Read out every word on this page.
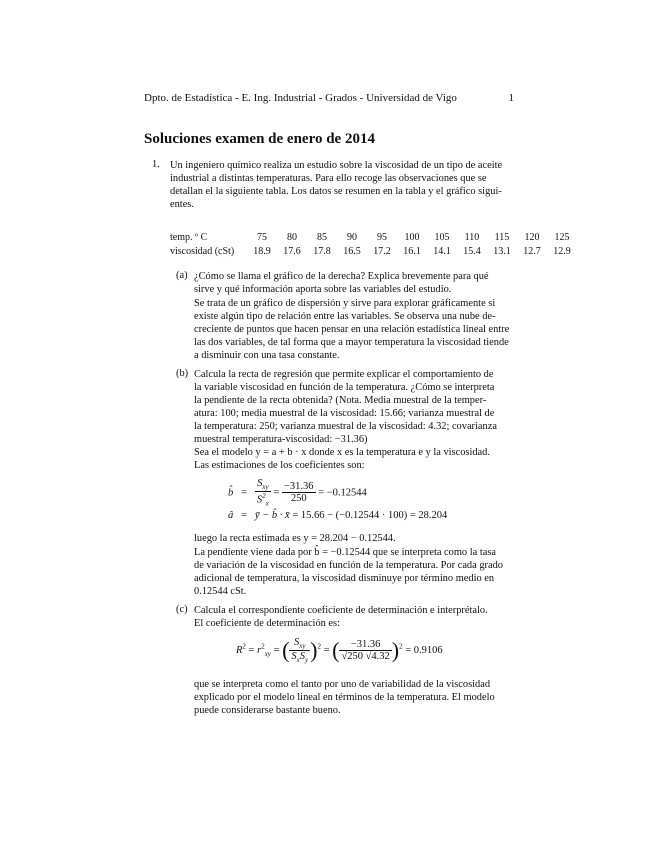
Dpto. de Estadística - E. Ing. Industrial - Grados - Universidad de Vigo	1
Soluciones examen de enero de 2014
1. Un ingeniero químico realiza un estudio sobre la viscosidad de un tipo de aceite

industrial a distintas temperaturas. Para ello recoge las observaciones que se

detallan el la siguiente tabla. Los datos se resumen en la tabla y el gráfico sigui-

entes.

temp. º C	75	80	85	90	95	100	105	110	115	120	125
viscosidad (cSt)	18.9	17.6	17.8	16.5	17.2	16.1	14.1	15.4	13.1	12.7	12.9
(a) ¿Cómo se llama el gráfico de la derecha? Explica brevemente para qué

sirve y qué información aporta sobre las variables del estudio.

Se trata de un gráfico de dispersión y sirve para explorar gráficamente si

existe algún tipo de relación entre las variables. Se observa una nube de-

creciente de puntos que hacen pensar en una relación estadística lineal entre

las dos variables, de tal forma que a mayor temperatura la viscosidad tiende

a disminuir con una tasa constante.

(b) Calcula la recta de regresión que permite explicar el comportamiento de

la variable viscosidad en función de la temperatura. ¿Cómo se interpreta

la pendiente de la recta obtenida? (Nota. Media muestral de la temper-

atura: 100; media muestral de la viscosidad: 15.66; varianza muestral de

la temperatura: 250; varianza muestral de la viscosidad: 4.32; covarianza

muestral temperatura-viscosidad: −31.36)

Sea el modelo y = a + b · x donde x es la temperatura e y la viscosidad.

Las estimaciones de los coeficientes son:

b̂ = $\frac{S_{xy}}{S^2_x} = \frac{-31.36}{250} = -0.12544$
â = ȳ − b̂ · x̄ = 15.66 − (−0.12544 · 100) = 28.204

luego la recta estimada es y = 28.204 − 0.12544.

La pendiente viene dada por b̂ = −0.12544 que se interpreta como la tasa

de variación de la viscosidad en función de la temperatura. Por cada grado

adicional de temperatura, la viscosidad disminuye por término medio en

0.12544 cSt.

(c) Calcula el correspondiente coeficiente de determinación e interprétalo.

El coeficiente de determinación es:

$R^2 = r^2_{xy}$ = ( $\frac{S_{xy}}{S_xS_y} )^2$ = ( $\frac{-31.36}{√250 √4.32} )^2 = 0.9106$

que se interpreta como el tanto por uno de variabilidad de la viscosidad

explicado por el modelo lineal en términos de la temperatura. El modelo

puede considerarse bastante bueno.
